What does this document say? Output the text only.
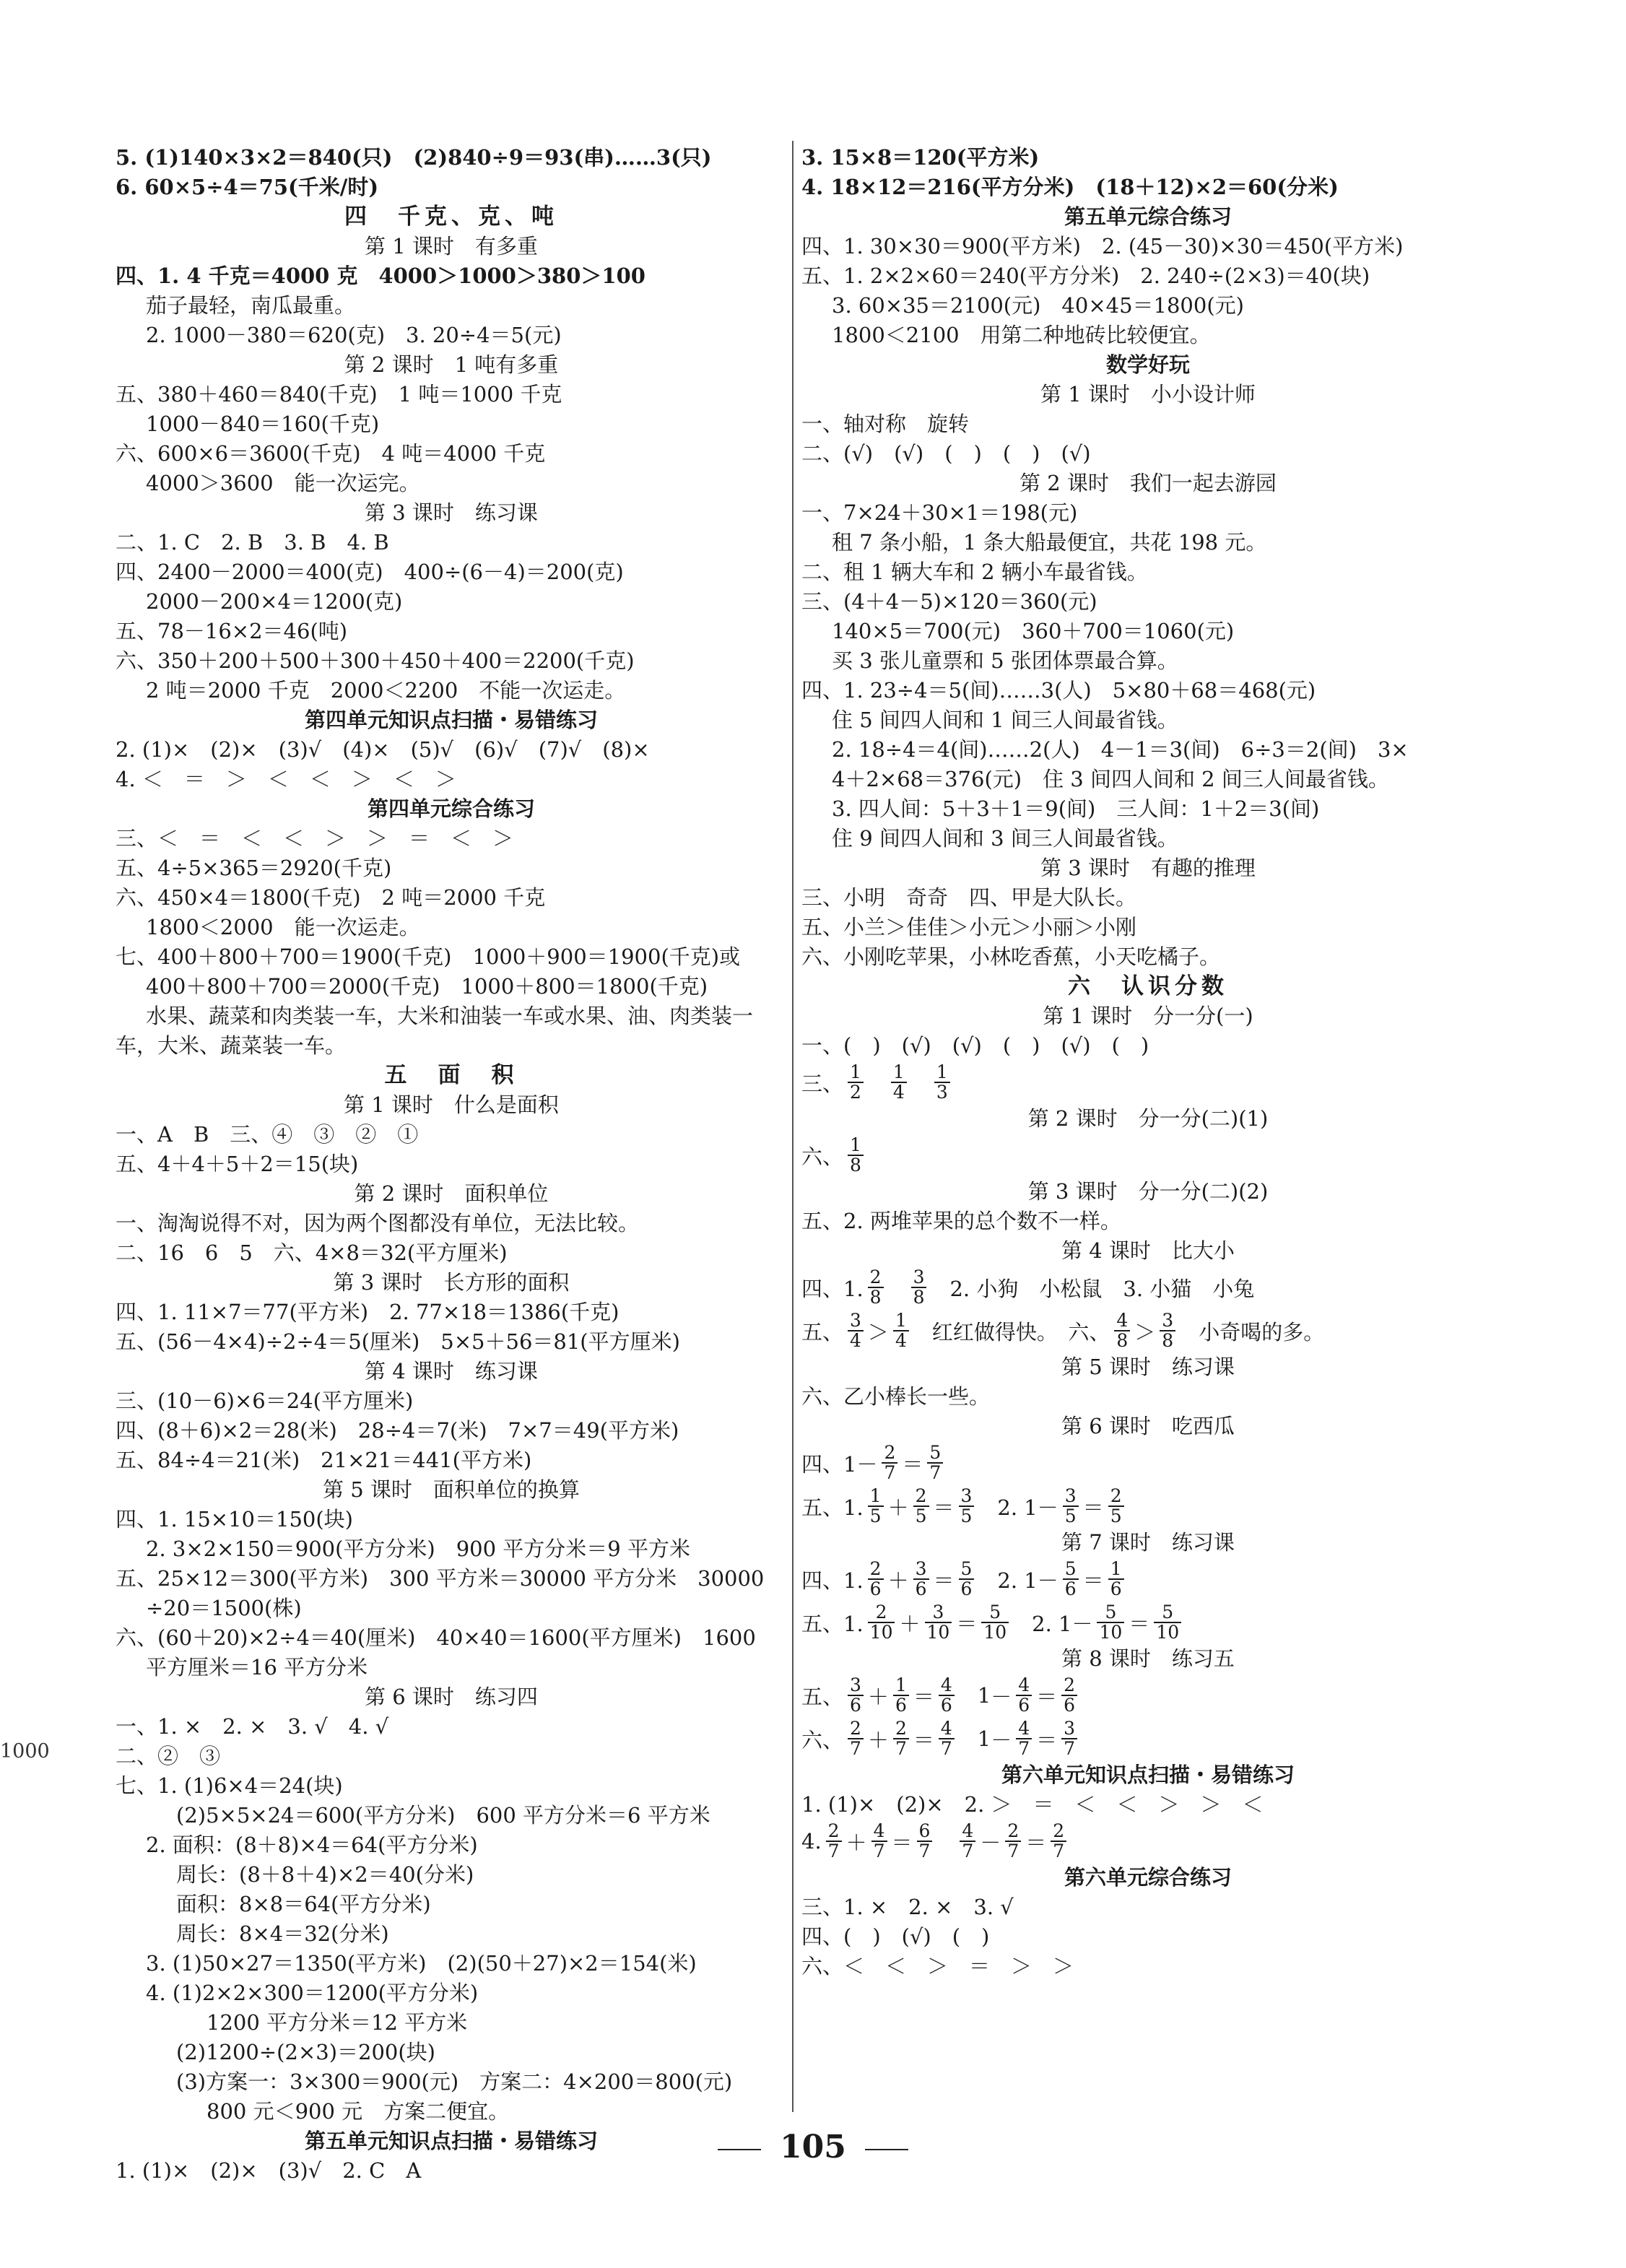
1000
5. (1)140×3×2＝840(只)　(2)840÷9＝93(串)……3(只)
6. 60×5÷4＝75(千米/时)
四　千克、克、吨
第 1 课时　有多重
四、1. 4 千克＝4000 克　4000＞1000＞380＞100
茄子最轻，南瓜最重。
2. 1000－380＝620(克)　3. 20÷4＝5(元)
第 2 课时　1 吨有多重
五、380＋460＝840(千克)　1 吨＝1000 千克
1000－840＝160(千克)
六、600×6＝3600(千克)　4 吨＝4000 千克
4000＞3600　能一次运完。
第 3 课时　练习课
二、1. C　2. B　3. B　4. B
四、2400－2000＝400(克)　400÷(6－4)＝200(克)
2000－200×4＝1200(克)
五、78－16×2＝46(吨)
六、350＋200＋500＋300＋450＋400＝2200(千克)
2 吨＝2000 千克　2000＜2200　不能一次运走。
第四单元知识点扫描・易错练习
2. (1)×　(2)×　(3)√　(4)×　(5)√　(6)√　(7)√　(8)×
4. ＜　＝　＞　＜　＜　＞　＜　＞
第四单元综合练习
三、＜　＝　＜　＜　＞　＞　＝　＜　＞
五、4÷5×365＝2920(千克)
六、450×4＝1800(千克)　2 吨＝2000 千克
1800＜2000　能一次运走。
七、400＋800＋700＝1900(千克)　1000＋900＝1900(千克)或
400＋800＋700＝2000(千克)　1000＋800＝1800(千克)
水果、蔬菜和肉类装一车，大米和油装一车或水果、油、肉类装一
车，大米、蔬菜装一车。
五　面　积
第 1 课时　什么是面积
一、A　B　三、④　③　②　①
五、4＋4＋5＋2＝15(块)
第 2 课时　面积单位
一、淘淘说得不对，因为两个图都没有单位，无法比较。
二、16　6　5　六、4×8＝32(平方厘米)
第 3 课时　长方形的面积
四、1. 11×7＝77(平方米)　2. 77×18＝1386(千克)
五、(56－4×4)÷2÷4＝5(厘米)　5×5＋56＝81(平方厘米)
第 4 课时　练习课
三、(10－6)×6＝24(平方厘米)
四、(8＋6)×2＝28(米)　28÷4＝7(米)　7×7＝49(平方米)
五、84÷4＝21(米)　21×21＝441(平方米)
第 5 课时　面积单位的换算
四、1. 15×10＝150(块)
2. 3×2×150＝900(平方分米)　900 平方分米＝9 平方米
五、25×12＝300(平方米)　300 平方米＝30000 平方分米　30000
÷20＝1500(株)
六、(60＋20)×2÷4＝40(厘米)　40×40＝1600(平方厘米)　1600
平方厘米＝16 平方分米
第 6 课时　练习四
一、1. ×　2. ×　3. √　4. √
二、②　③
七、1. (1)6×4＝24(块)
(2)5×5×24＝600(平方分米)　600 平方分米＝6 平方米
2. 面积：(8＋8)×4＝64(平方分米)
周长：(8＋8＋4)×2＝40(分米)
面积：8×8＝64(平方分米)
周长：8×4＝32(分米)
3. (1)50×27＝1350(平方米)　(2)(50＋27)×2＝154(米)
4. (1)2×2×300＝1200(平方分米)
1200 平方分米＝12 平方米
(2)1200÷(2×3)＝200(块)
(3)方案一：3×300＝900(元)　方案二：4×200＝800(元)
800 元＜900 元　方案二便宜。
第五单元知识点扫描・易错练习
1. (1)×　(2)×　(3)√　2. C　A
3. 15×8＝120(平方米)
4. 18×12＝216(平方分米)　(18＋12)×2＝60(分米)
第五单元综合练习
四、1. 30×30＝900(平方米)　2. (45－30)×30＝450(平方米)
五、1. 2×2×60＝240(平方分米)　2. 240÷(2×3)＝40(块)
3. 60×35＝2100(元)　40×45＝1800(元)
1800＜2100　用第二种地砖比较便宜。
数学好玩
第 1 课时　小小设计师
一、轴对称　旋转
二、(√)　(√)　(　)　(　)　(√)
第 2 课时　我们一起去游园
一、7×24＋30×1＝198(元)
租 7 条小船，1 条大船最便宜，共花 198 元。
二、租 1 辆大车和 2 辆小车最省钱。
三、(4＋4－5)×120＝360(元)
140×5＝700(元)　360＋700＝1060(元)
买 3 张儿童票和 5 张团体票最合算。
四、1. 23÷4＝5(间)……3(人)　5×80＋68＝468(元)
住 5 间四人间和 1 间三人间最省钱。
2. 18÷4＝4(间)……2(人)　4－1＝3(间)　6÷3＝2(间)　3×
4＋2×68＝376(元)　住 3 间四人间和 2 间三人间最省钱。
3. 四人间：5＋3＋1＝9(间)　三人间：1＋2＝3(间)
住 9 间四人间和 3 间三人间最省钱。
第 3 课时　有趣的推理
三、小明　奇奇　四、甲是大队长。
五、小兰＞佳佳＞小元＞小丽＞小刚
六、小刚吃苹果，小林吃香蕉，小天吃橘子。
六　认识分数
第 1 课时　分一分(一)
一、(　)　(√)　(√)　(　)　(√)　(　)
三、 $\frac{1}{2} \frac{1}{4} \frac{1}{3}$
第 2 课时　分一分(二)(1)
六、 $\frac{1}{8}$
第 3 课时　分一分(二)(2)
五、2. 两堆苹果的总个数不一样。
第 4 课时　比大小
四、1. $\frac{2}{8} \frac{3}{8} 2$. 小狗　小松鼠　3. 小猫　小兔
五、 $\frac{3}{4} > \frac{1}{4}$ 红红做得快。　六、 $\frac{4}{8} > \frac{3}{8}$ 小奇喝的多。
第 5 课时　练习课
六、乙小棒长一些。
第 6 课时　吃西瓜
四、$1- \frac{2}{7} = \frac{5}{7}$
五、1. $\frac{1}{5} + \frac{2}{5} = \frac{3}{5} 2$. $1- \frac{3}{5} = \frac{2}{5}$
第 7 课时　练习课
四、1. $\frac{2}{6} + \frac{3}{6} = \frac{5}{6} 2$. $1- \frac{5}{6} = \frac{1}{6}$
五、1. $\frac{2}{10} + \frac{3}{10} = \frac{5}{10} 2$. $1- \frac{5}{10} = \frac{5}{10}$
第 8 课时　练习五
五、 $\frac{3}{6} + \frac{1}{6} = \frac{4}{6} 1 - \frac{4}{6} = \frac{2}{6}$
六、 $\frac{2}{7} + \frac{2}{7} = \frac{4}{7} 1 - \frac{4}{7} = \frac{3}{7}$
第六单元知识点扫描・易错练习
1. (1)×　(2)×　2. ＞　＝　＜　＜　＞　＞　＜
4. $\frac{2}{7} + \frac{4}{7} = \frac{6}{7} \frac{4}{7} - \frac{2}{7} = \frac{2}{7}$
第六单元综合练习
三、1. ×　2. ×　3. √
四、(　)　(√)　(　)
六、＜　＜　＞　＝　＞　＞
105
